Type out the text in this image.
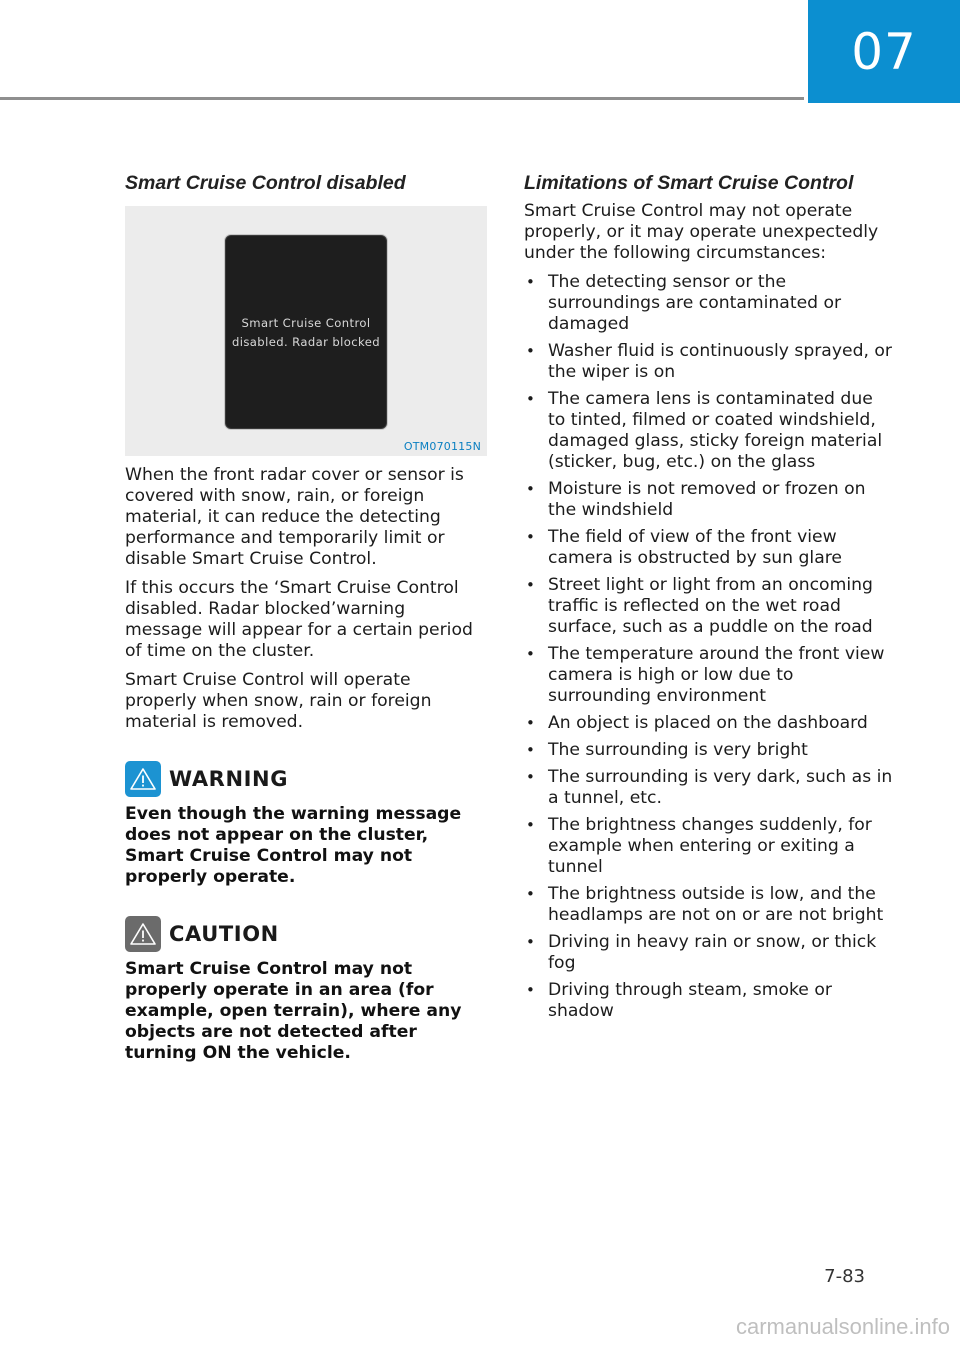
07
Smart Cruise Control disabled
Smart Cruise Control
disabled. Radar blocked
OTM070115N

When the front radar cover or sensor is covered with snow, rain, or foreign material, it can reduce the detecting performance and temporarily limit or disable Smart Cruise Control.

If this occurs the ‘Smart Cruise Control disabled. Radar blocked’warning message will appear for a certain period of time on the cluster.

Smart Cruise Control will operate properly when snow, rain or foreign material is removed.

WARNING

Even though the warning message does not appear on the cluster, Smart Cruise Control may not properly operate.

CAUTION

Smart Cruise Control may not properly operate in an area (for example, open terrain), where any objects are not detected after turning ON the vehicle.

Limitations of Smart Cruise Control

Smart Cruise Control may not operate properly, or it may operate unexpectedly under the following circumstances:

• The detecting sensor or the surroundings are contaminated or damaged
• Washer fluid is continuously sprayed, or the wiper is on
• The camera lens is contaminated due to tinted, filmed or coated windshield, damaged glass, sticky foreign material (sticker, bug, etc.) on the glass
• Moisture is not removed or frozen on the windshield
• The field of view of the front view camera is obstructed by sun glare
• Street light or light from an oncoming traffic is reflected on the wet road surface, such as a puddle on the road
• The temperature around the front view camera is high or low due to surrounding environment
• An object is placed on the dashboard
• The surrounding is very bright
• The surrounding is very dark, such as in a tunnel, etc.
• The brightness changes suddenly, for example when entering or exiting a tunnel
• The brightness outside is low, and the headlamps are not on or are not bright
• Driving in heavy rain or snow, or thick fog
• Driving through steam, smoke or shadow
7-83
carmanualsonline.info
